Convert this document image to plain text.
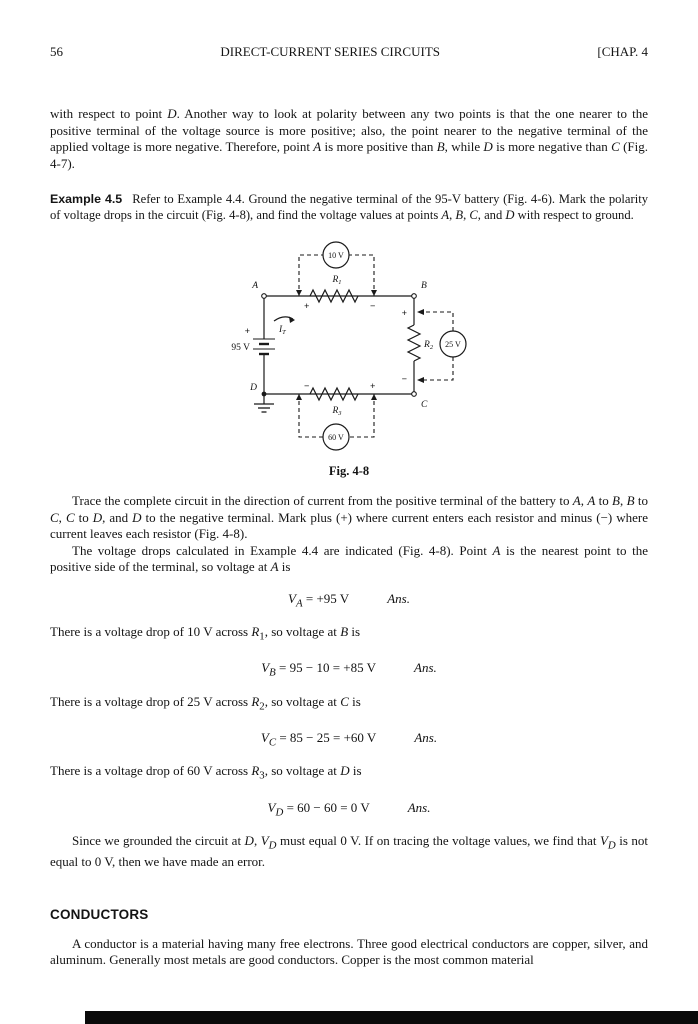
56	DIRECT-CURRENT SERIES CIRCUITS	[CHAP. 4

with respect to point D. Another way to look at polarity between any two points is that the one nearer to the positive terminal of the voltage source is more positive; also, the point nearer to the negative terminal of the applied voltage is more negative. Therefore, point A is more positive than B, while D is more negative than C (Fig. 4-7).

Example 4.5 Refer to Example 4.4. Ground the negative terminal of the 95-V battery (Fig. 4-6). Mark the polarity of voltage drops in the circuit (Fig. 4-8), and find the voltage values at points A, B, C, and D with respect to ground.

95 V
+	$I_T$
$R_1$
+	−
$R_2$
+
−
$R_3$
−	+
10 V
25 V
60 V
A	B
C
D
Fig. 4-8

Trace the complete circuit in the direction of current from the positive terminal of the battery to A, A to B, B to C, C to D, and D to the negative terminal. Mark plus (+) where current enters each resistor and minus (−) where current leaves each resistor (Fig. 4-8).

The voltage drops calculated in Example 4.4 are indicated (Fig. 4-8). Point A is the nearest point to the positive side of the terminal, so voltage at A is

$V_A = +95$ V	Ans.

There is a voltage drop of 10 V across $R_1$, so voltage at B is

$V_B = 95 - 10 = +85$ V	Ans.

There is a voltage drop of 25 V across $R_2$, so voltage at C is

$V_C = 85 - 25 = +60$ V	Ans.

There is a voltage drop of 60 V across $R_3$, so voltage at D is

$V_D = 60 - 60 = 0$ V	Ans.

Since we grounded the circuit at D, $V_D$ must equal 0 V. If on tracing the voltage values, we find that $V_D$ is not equal to 0 V, then we have made an error.

CONDUCTORS

A conductor is a material having many free electrons. Three good electrical conductors are copper, silver, and aluminum. Generally most metals are good conductors. Copper is the most common material
